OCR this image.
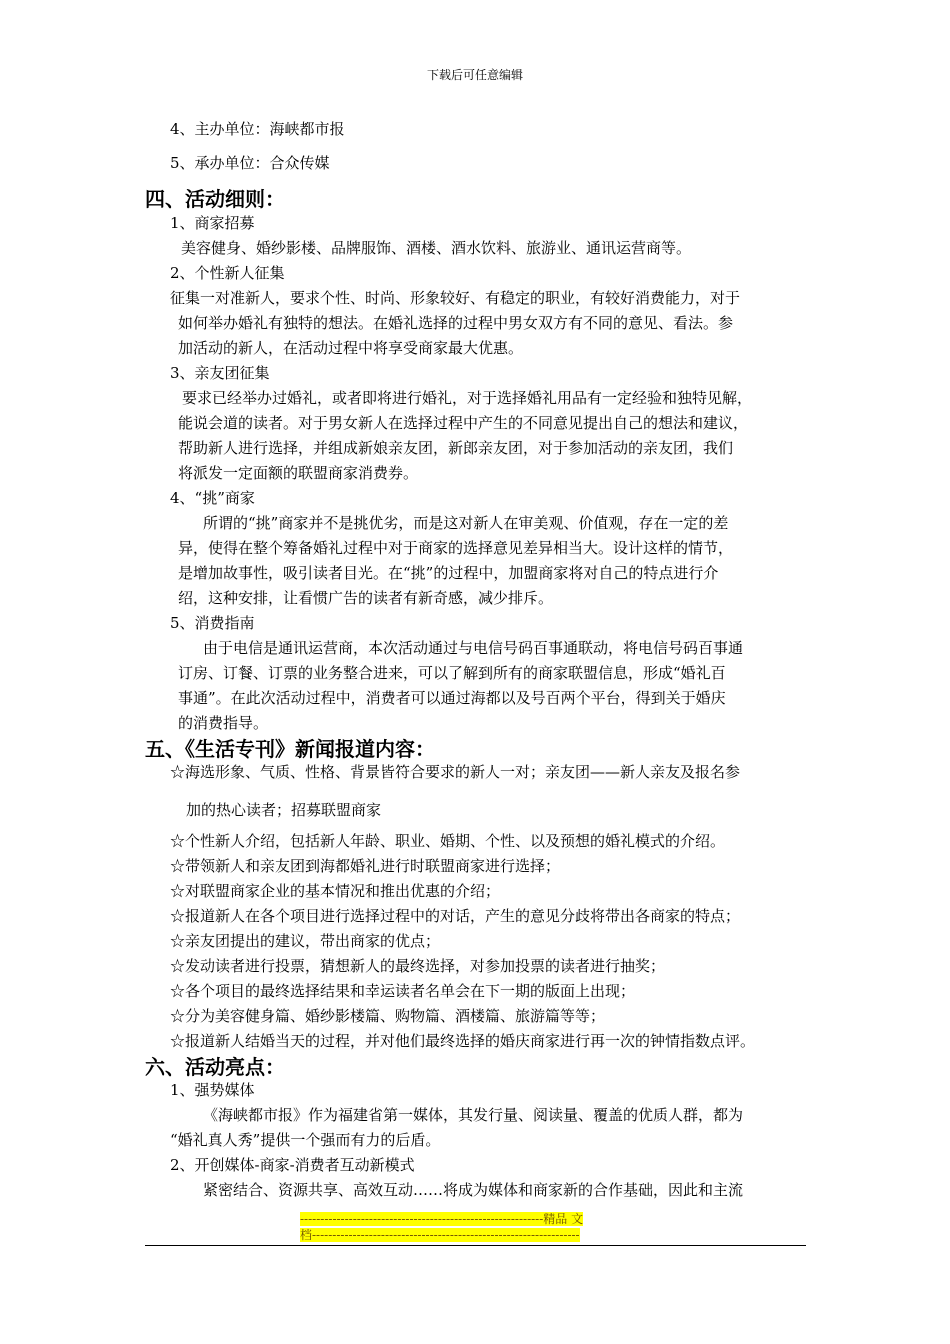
下载后可任意编辑
4、主办单位：海峡都市报
5、承办单位：合众传媒
四、活动细则：
1、商家招募
美容健身、婚纱影楼、品牌服饰、酒楼、酒水饮料、旅游业、通讯运营商等。
2、个性新人征集
征集一对准新人，要求个性、时尚、形象较好、有稳定的职业，有较好消费能力，对于
如何举办婚礼有独特的想法。在婚礼选择的过程中男女双方有不同的意见、看法。参
加活动的新人，在活动过程中将享受商家最大优惠。
3、亲友团征集
要求已经举办过婚礼，或者即将进行婚礼，对于选择婚礼用品有一定经验和独特见解，
能说会道的读者。对于男女新人在选择过程中产生的不同意见提出自己的想法和建议，
帮助新人进行选择，并组成新娘亲友团，新郎亲友团，对于参加活动的亲友团，我们
将派发一定面额的联盟商家消费券。
4、“挑”商家
所谓的“挑”商家并不是挑优劣，而是这对新人在审美观、价值观，存在一定的差
异，使得在整个筹备婚礼过程中对于商家的选择意见差异相当大。设计这样的情节，
是增加故事性，吸引读者目光。在“挑”的过程中，加盟商家将对自己的特点进行介
绍，这种安排，让看惯广告的读者有新奇感，减少排斥。
5、消费指南
由于电信是通讯运营商，本次活动通过与电信号码百事通联动，将电信号码百事通
订房、订餐、订票的业务整合进来，可以了解到所有的商家联盟信息，形成“婚礼百
事通”。在此次活动过程中，消费者可以通过海都以及号百两个平台，得到关于婚庆
的消费指导。
五、《生活专刊》新闻报道内容：
☆海选形象、气质、性格、背景皆符合要求的新人一对；亲友团——新人亲友及报名参
加的热心读者；招募联盟商家
☆个性新人介绍，包括新人年龄、职业、婚期、个性、以及预想的婚礼模式的介绍。
☆带领新人和亲友团到海都婚礼进行时联盟商家进行选择；
☆对联盟商家企业的基本情况和推出优惠的介绍；
☆报道新人在各个项目进行选择过程中的对话，产生的意见分歧将带出各商家的特点；
☆亲友团提出的建议，带出商家的优点；
☆发动读者进行投票，猜想新人的最终选择，对参加投票的读者进行抽奖；
☆各个项目的最终选择结果和幸运读者名单会在下一期的版面上出现；
☆分为美容健身篇、婚纱影楼篇、购物篇、酒楼篇、旅游篇等等；
☆报道新人结婚当天的过程，并对他们最终选择的婚庆商家进行再一次的钟情指数点评。
六、活动亮点：
1、强势媒体
《海峡都市报》作为福建省第一媒体，其发行量、阅读量、覆盖的优质人群，都为
“婚礼真人秀”提供一个强而有力的后盾。
2、开创媒体-商家-消费者互动新模式
紧密结合、资源共享、高效互动……将成为媒体和商家新的合作基础，因此和主流
------------------------------------------------------------精品 文
档------------------------------------------------------------------
